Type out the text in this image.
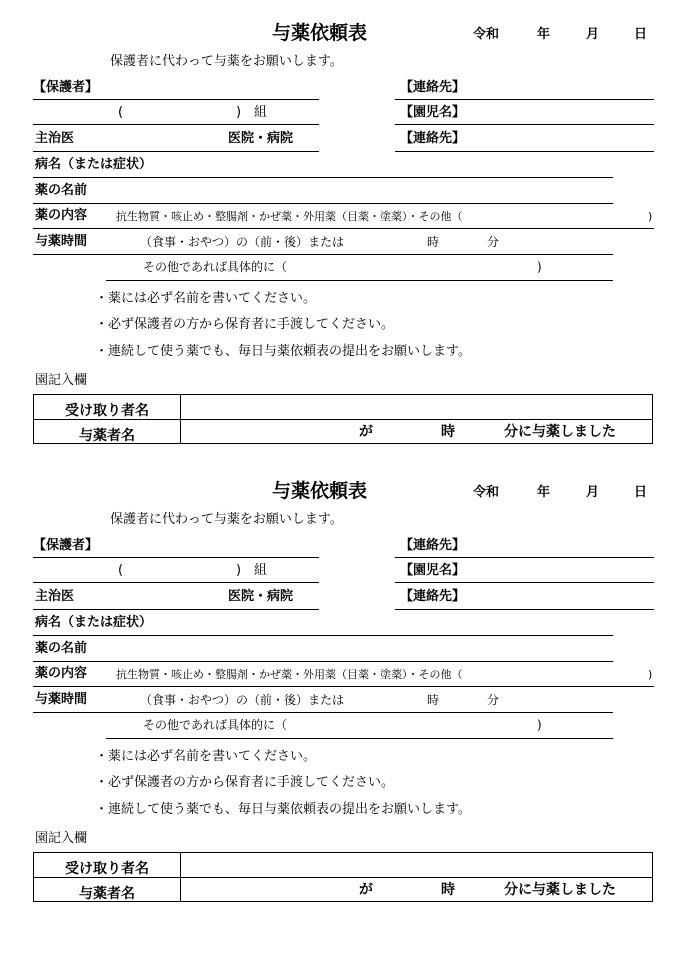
与薬依頼表	令和	年	月	日
保護者に代わって与薬をお願いします。
【保護者】	【連絡先】
(	) 組	【園児名】
主治医	医院・病院	【連絡先】
病名（または症状）
薬の名前
薬の内容	抗生物質・咳止め・整腸剤・かぜ薬・外用薬（目薬・塗薬）・その他（	)
与薬時間	（食事・おやつ）の（前・後）または	時	分
その他であれば具体的に（	)
・薬には必ず名前を書いてください。
・必ず保護者の方から保育者に手渡してください。
・連続して使う薬でも、毎日与薬依頼表の提出をお願いします。
園記入欄
受け取り者名
与薬者名	が	時	分に与薬しました
与薬依頼表	令和	年	月	日
保護者に代わって与薬をお願いします。
【保護者】	【連絡先】
(	) 組	【園児名】
主治医	医院・病院	【連絡先】
病名（または症状）
薬の名前
薬の内容	抗生物質・咳止め・整腸剤・かぜ薬・外用薬（目薬・塗薬）・その他（	)
与薬時間	（食事・おやつ）の（前・後）または	時	分
その他であれば具体的に（	)
・薬には必ず名前を書いてください。
・必ず保護者の方から保育者に手渡してください。
・連続して使う薬でも、毎日与薬依頼表の提出をお願いします。
園記入欄
受け取り者名
与薬者名	が	時	分に与薬しました
